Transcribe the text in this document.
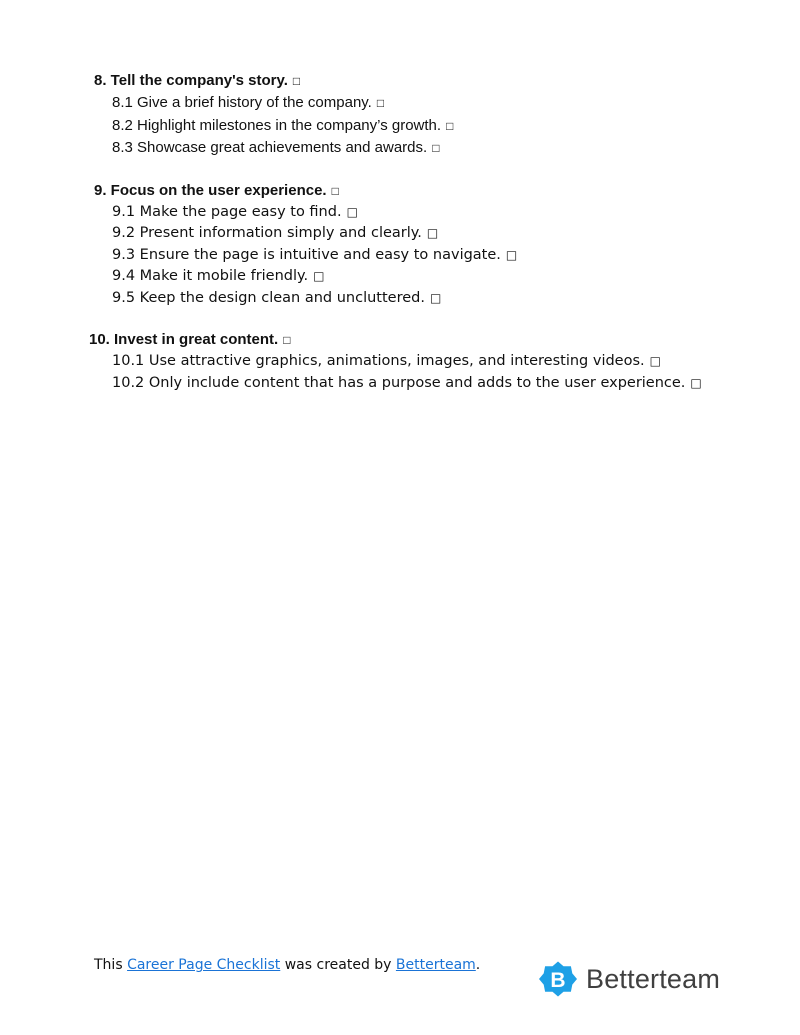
8. Tell the company's story. □
8.1 Give a brief history of the company. □
8.2 Highlight milestones in the company’s growth. □
8.3 Showcase great achievements and awards. □
9. Focus on the user experience. □
9.1 Make the page easy to find. □
9.2 Present information simply and clearly. □
9.3 Ensure the page is intuitive and easy to navigate. □
9.4 Make it mobile friendly. □
9.5 Keep the design clean and uncluttered. □
10. Invest in great content. □
10.1 Use attractive graphics, animations, images, and interesting videos. □
10.2 Only include content that has a purpose and adds to the user experience. □
This Career Page Checklist was created by Betterteam.
B Betterteam
